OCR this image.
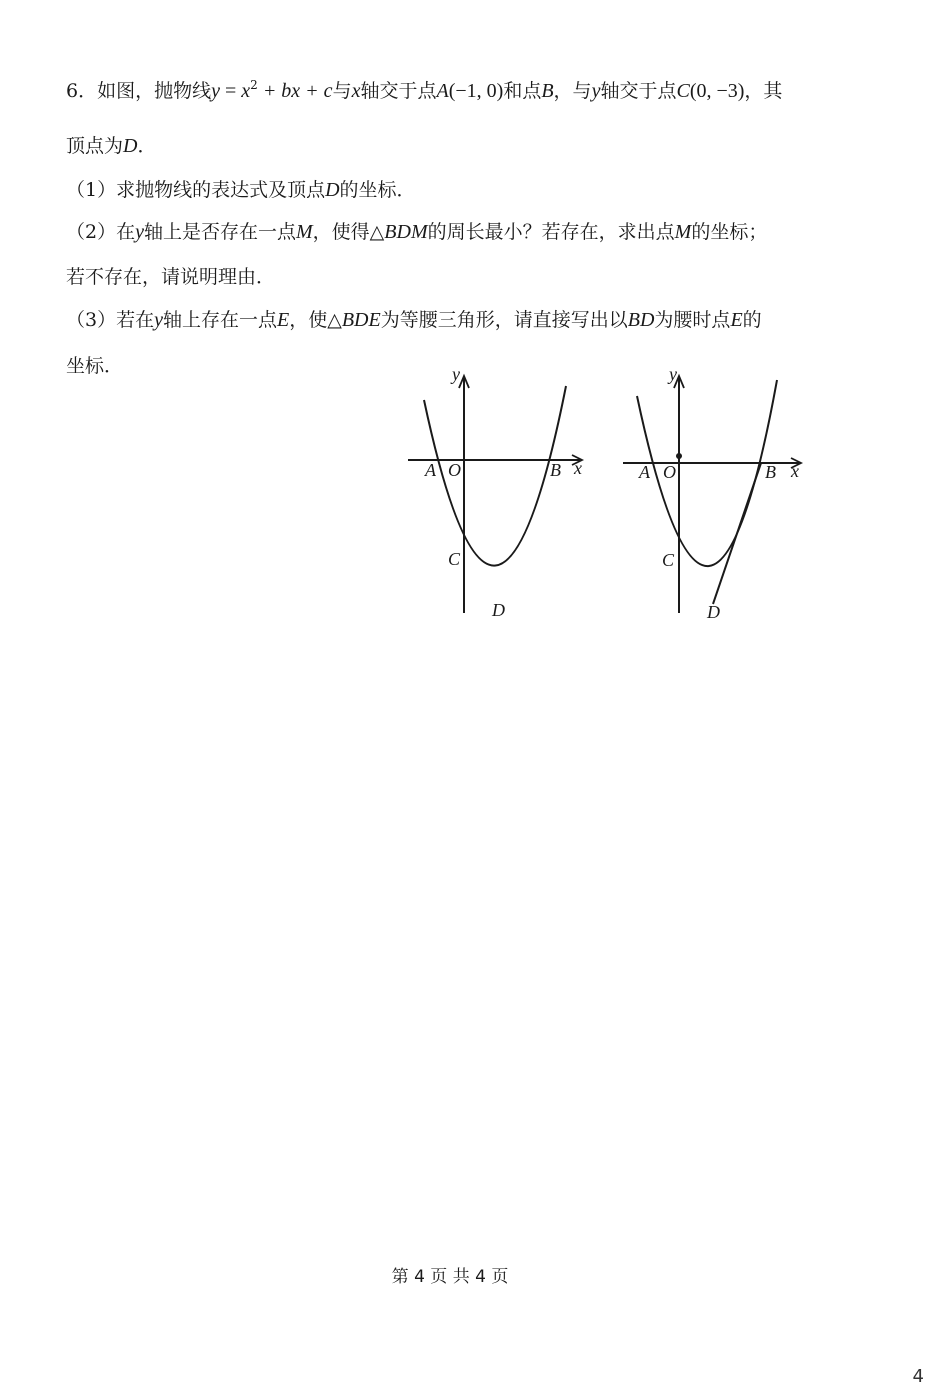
6．如图，抛物线$y = x^2$ + bx + c与x轴交于点A(−1, 0)和点B，与y轴交于点C(0, −3)，其
顶点为D．
（1）求抛物线的表达式及顶点D的坐标．
（2）在y轴上是否存在一点M，使得△BDM的周长最小？若存在，求出点M的坐标；
若不存在，请说明理由．
（3）若在y轴上存在一点E，使△BDE为等腰三角形，请直接写出以BD为腰时点E的
坐标．	y
x
A O	B
C
D
y
x
A O	B
C
D
第 4 页 共 4 页
4
